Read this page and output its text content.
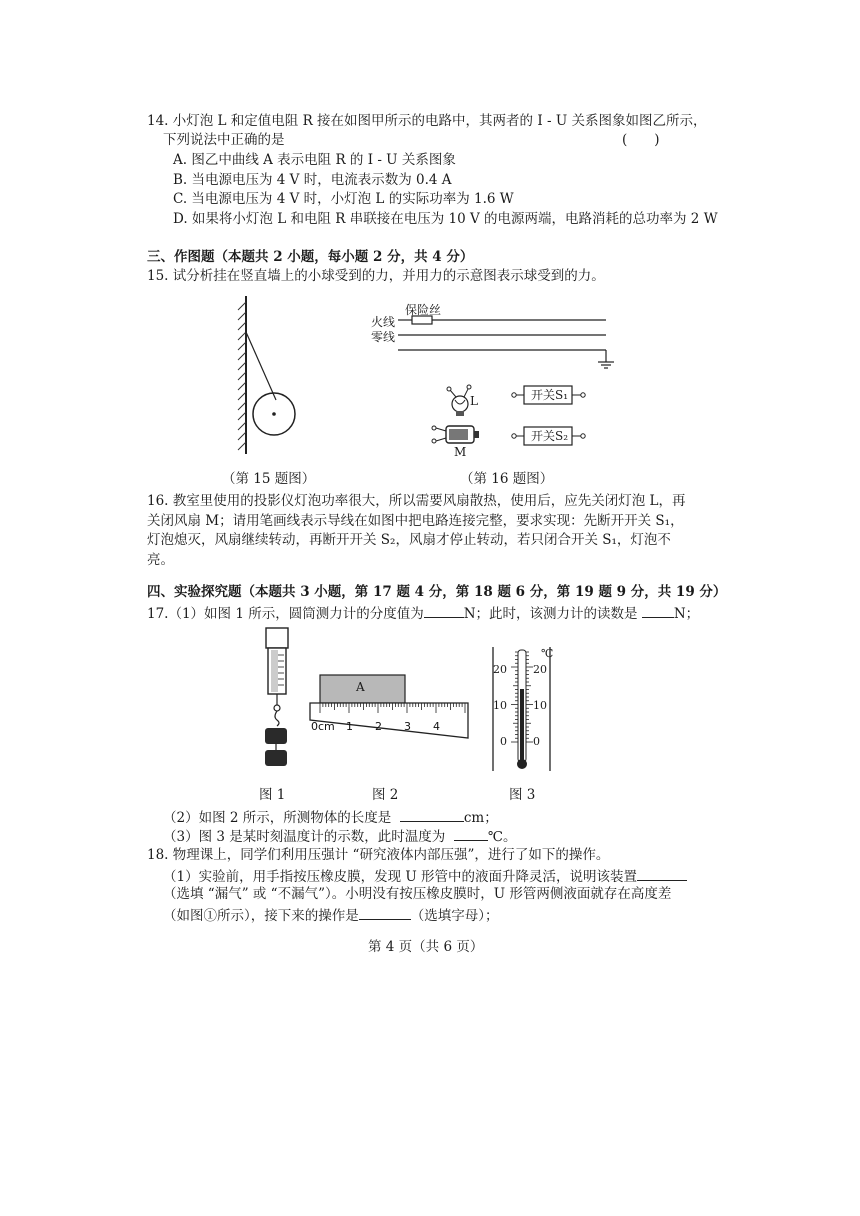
14. 小灯泡 L 和定值电阻 R 接在如图甲所示的电路中，其两者的 I - U 关系图象如图乙所示，
下列说法中正确的是	(　　)
A. 图乙中曲线 A 表示电阻 R 的 I - U 关系图象
B. 当电源电压为 4 V 时，电流表示数为 0.4 A
C. 当电源电压为 4 V 时，小灯泡 L 的实际功率为 1.6 W
D. 如果将小灯泡 L 和电阻 R 串联接在电压为 10 V 的电源两端，电路消耗的总功率为 2 W
三、作图题（本题共 2 小题，每小题 2 分，共 4 分）
15. 试分析挂在竖直墙上的小球受到的力，并用力的示意图表示球受到的力。
保险丝
火线
零线
L
M
开关S₁
开关S₂
（第 15 题图）	（第 16 题图）
16. 教室里使用的投影仪灯泡功率很大，所以需要风扇散热，使用后，应先关闭灯泡 L，再
关闭风扇 M；请用笔画线表示导线在如图中把电路连接完整，要求实现：先断开开关 S₁，
灯泡熄灭，风扇继续转动，再断开开关 S₂，风扇才停止转动，若只闭合开关 S₁，灯泡不
亮。
四、实验探究题（本题共 3 小题，第 17 题 4 分，第 18 题 6 分，第 19 题 9 分，共 19 分）
17.（1）如图 1 所示，圆筒测力计的分度值为	N；此时，该测力计的读数是	N；
0cm 1 2 3 4
A
℃
20
10
0
20
10
0
图 1	图 2	图 3
（2）如图 2 所示，所测物体的长度是	cm；
（3）图 3 是某时刻温度计的示数，此时温度为	℃。
18. 物理课上，同学们利用压强计 “研究液体内部压强”，进行了如下的操作。
（1）实验前，用手指按压橡皮膜，发现 U 形管中的液面升降灵活，说明该装置
（选填 “漏气” 或 “不漏气”）。小明没有按压橡皮膜时，U 形管两侧液面就存在高度差
（如图①所示），接下来的操作是	（选填字母）；
第 4 页（共 6 页）
